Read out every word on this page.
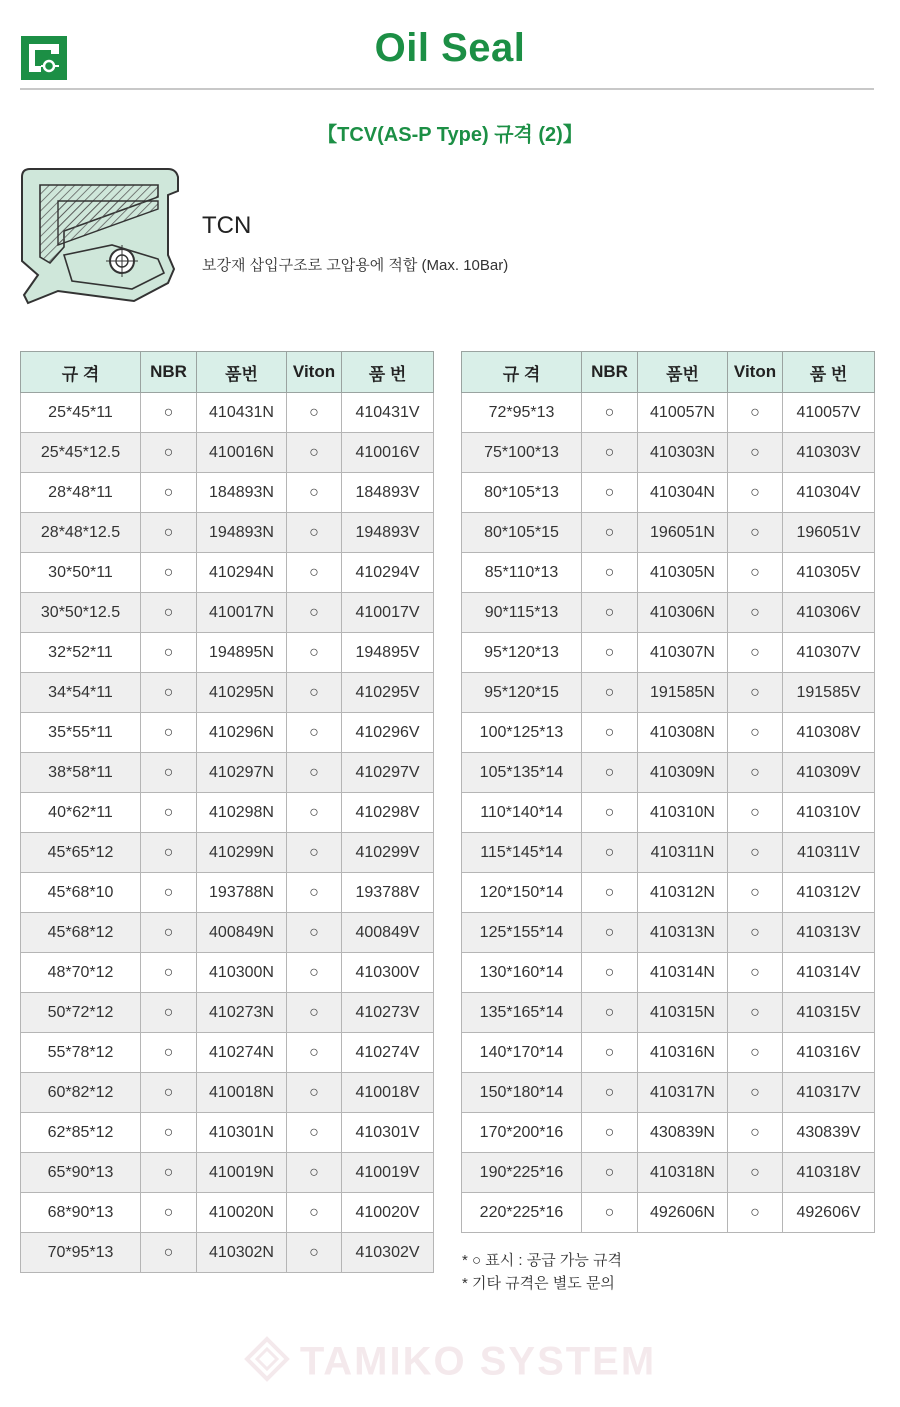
Oil Seal
【TCV(AS-P Type) 규격 (2)】
TCN
보강재 삽입구조로 고압용에 적합 (Max. 10Bar)
규 격	NBR	품번	Viton	품 번
25*45*11	○	410431N	○	410431V
25*45*12.5	○	410016N	○	410016V
28*48*11	○	184893N	○	184893V
28*48*12.5	○	194893N	○	194893V
30*50*11	○	410294N	○	410294V
30*50*12.5	○	410017N	○	410017V
32*52*11	○	194895N	○	194895V
34*54*11	○	410295N	○	410295V
35*55*11	○	410296N	○	410296V
38*58*11	○	410297N	○	410297V
40*62*11	○	410298N	○	410298V
45*65*12	○	410299N	○	410299V
45*68*10	○	193788N	○	193788V
45*68*12	○	400849N	○	400849V
48*70*12	○	410300N	○	410300V
50*72*12	○	410273N	○	410273V
55*78*12	○	410274N	○	410274V
60*82*12	○	410018N	○	410018V
62*85*12	○	410301N	○	410301V
65*90*13	○	410019N	○	410019V
68*90*13	○	410020N	○	410020V
70*95*13	○	410302N	○	410302V
규 격	NBR	품번	Viton	품 번
72*95*13	○	410057N	○	410057V
75*100*13	○	410303N	○	410303V
80*105*13	○	410304N	○	410304V
80*105*15	○	196051N	○	196051V
85*110*13	○	410305N	○	410305V
90*115*13	○	410306N	○	410306V
95*120*13	○	410307N	○	410307V
95*120*15	○	191585N	○	191585V
100*125*13	○	410308N	○	410308V
105*135*14	○	410309N	○	410309V
110*140*14	○	410310N	○	410310V
115*145*14	○	410311N	○	410311V
120*150*14	○	410312N	○	410312V
125*155*14	○	410313N	○	410313V
130*160*14	○	410314N	○	410314V
135*165*14	○	410315N	○	410315V
140*170*14	○	410316N	○	410316V
150*180*14	○	410317N	○	410317V
170*200*16	○	430839N	○	430839V
190*225*16	○	410318N	○	410318V
220*225*16	○	492606N	○	492606V
* ○ 표시 : 공급 가능 규격
* 기타 규격은 별도 문의
TAMIKO SYSTEM
